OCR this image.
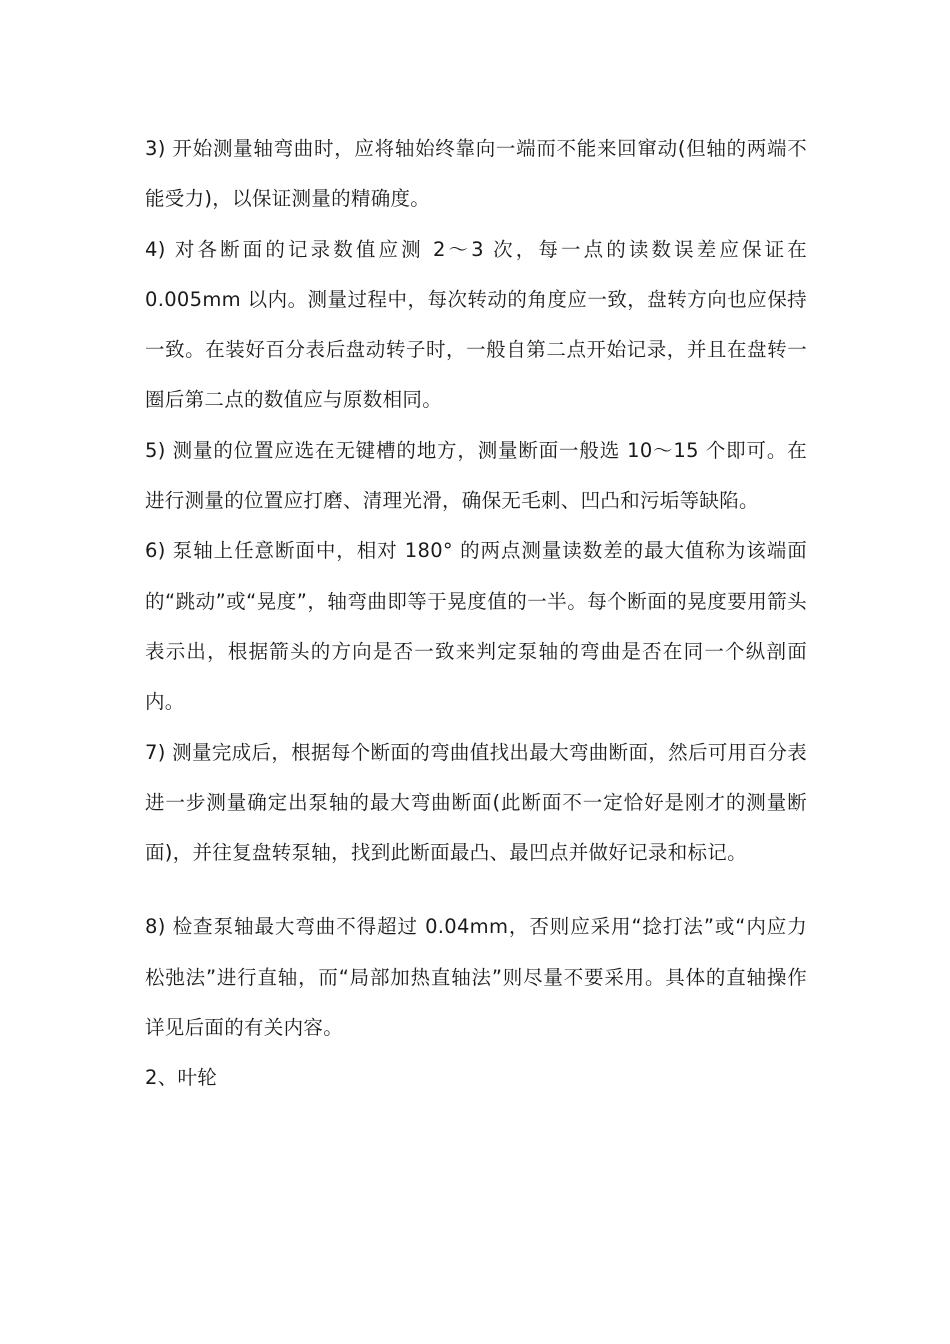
3) 开始测量轴弯曲时，应将轴始终靠向一端而不能来回窜动(但轴的两端不能受力)，以保证测量的精确度。

4) 对各断面的记录数值应测 2～3 次，每一点的读数误差应保证在 0.005mm 以内。测量过程中，每次转动的角度应一致，盘转方向也应保持一致。在装好百分表后盘动转子时，一般自第二点开始记录，并且在盘转一圈后第二点的数值应与原数相同。

5) 测量的位置应选在无键槽的地方，测量断面一般选 10～15 个即可。在进行测量的位置应打磨、清理光滑，确保无毛刺、凹凸和污垢等缺陷。

6) 泵轴上任意断面中，相对 180° 的两点测量读数差的最大值称为该端面的“跳动”或“晃度”，轴弯曲即等于晃度值的一半。每个断面的晃度要用箭头表示出，根据箭头的方向是否一致来判定泵轴的弯曲是否在同一个纵剖面内。

7) 测量完成后，根据每个断面的弯曲值找出最大弯曲断面，然后可用百分表进一步测量确定出泵轴的最大弯曲断面(此断面不一定恰好是刚才的测量断面)，并往复盘转泵轴，找到此断面最凸、最凹点并做好记录和标记。

8) 检查泵轴最大弯曲不得超过 0.04mm，否则应采用“捻打法”或“内应力松弛法”进行直轴，而“局部加热直轴法”则尽量不要采用。具体的直轴操作详见后面的有关内容。

2、叶轮
